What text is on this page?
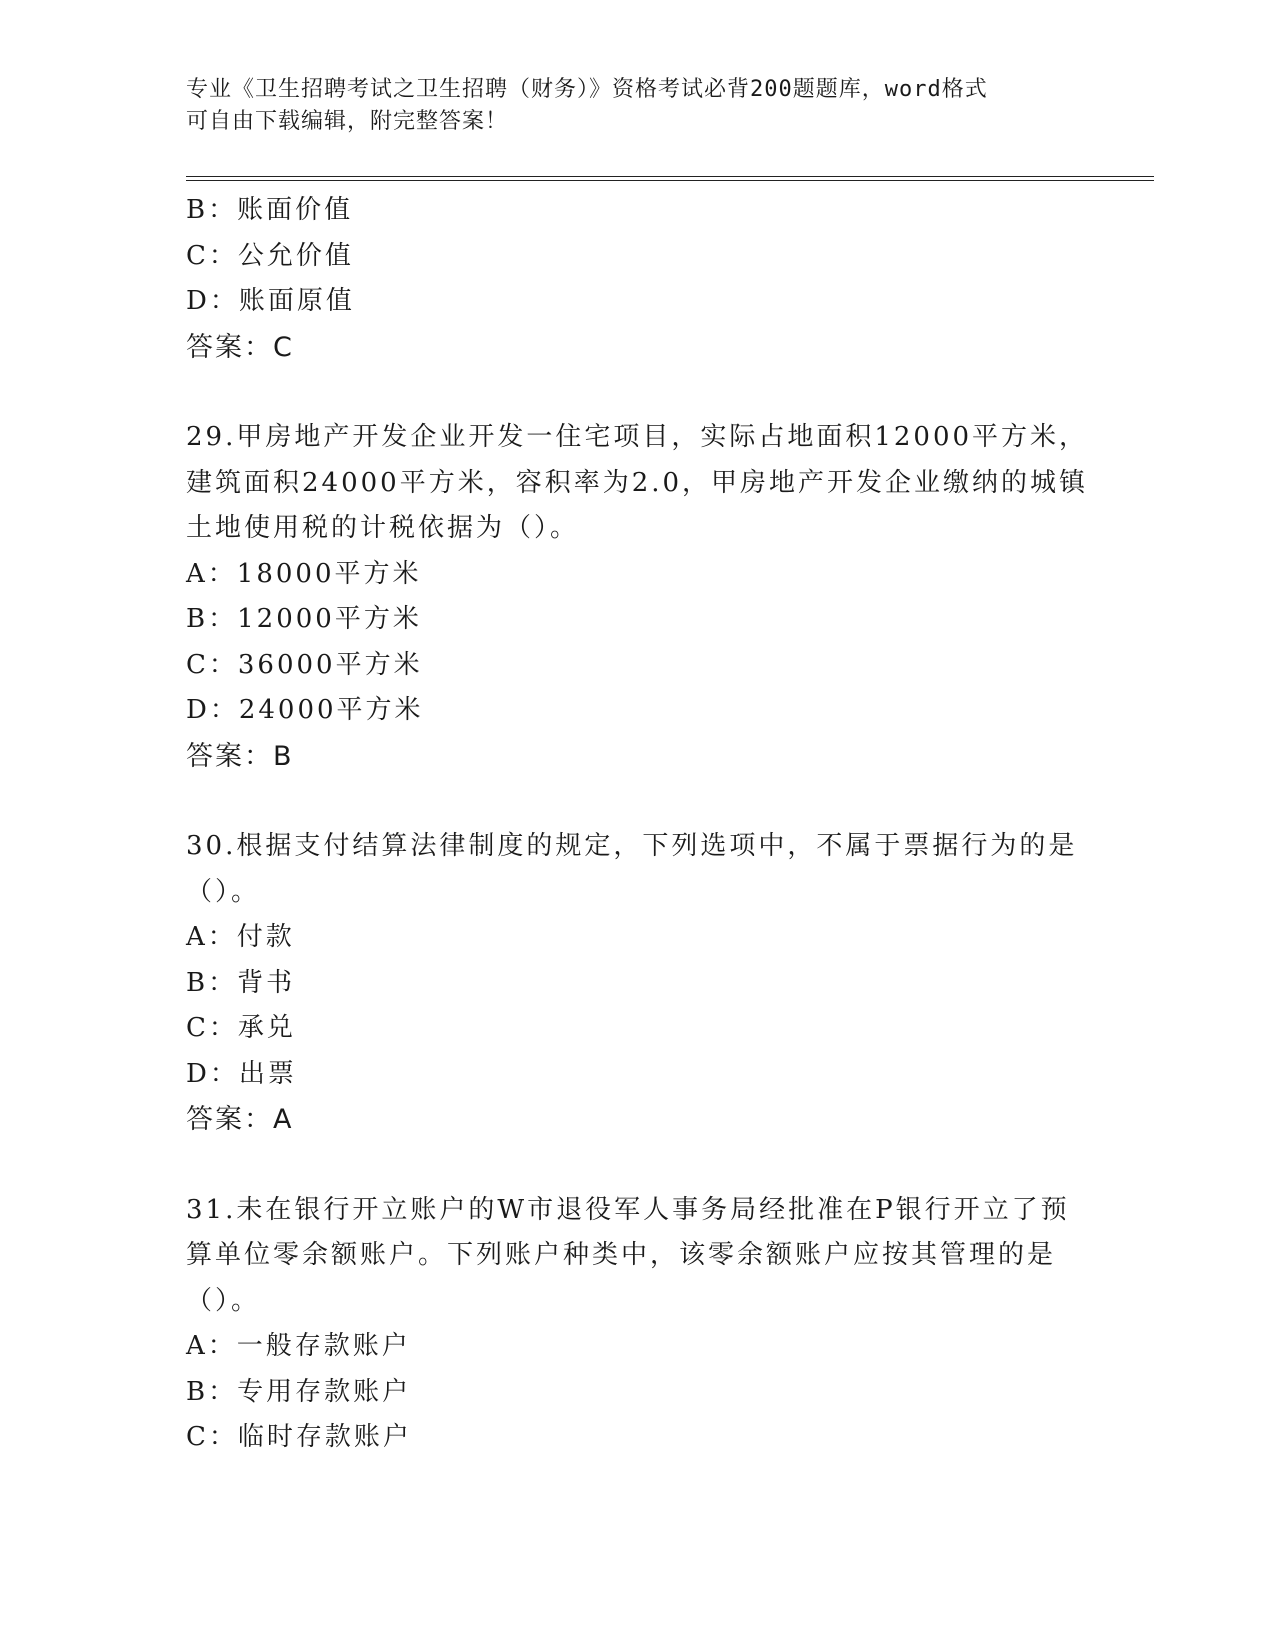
专业《卫生招聘考试之卫生招聘（财务）》资格考试必背200题题库，word格式
可自由下载编辑，附完整答案！
B：账面价值
C：公允价值
D：账面原值
答案：C
29.甲房地产开发企业开发一住宅项目，实际占地面积12000平方米，
建筑面积24000平方米，容积率为2.0，甲房地产开发企业缴纳的城镇
土地使用税的计税依据为（）。
A：18000平方米
B：12000平方米
C：36000平方米
D：24000平方米
答案：B
30.根据支付结算法律制度的规定，下列选项中，不属于票据行为的是
（）。
A：付款
B：背书
C：承兑
D：出票
答案：A
31.未在银行开立账户的W市退役军人事务局经批准在P银行开立了预
算单位零余额账户。下列账户种类中，该零余额账户应按其管理的是
（）。
A：一般存款账户
B：专用存款账户
C：临时存款账户
